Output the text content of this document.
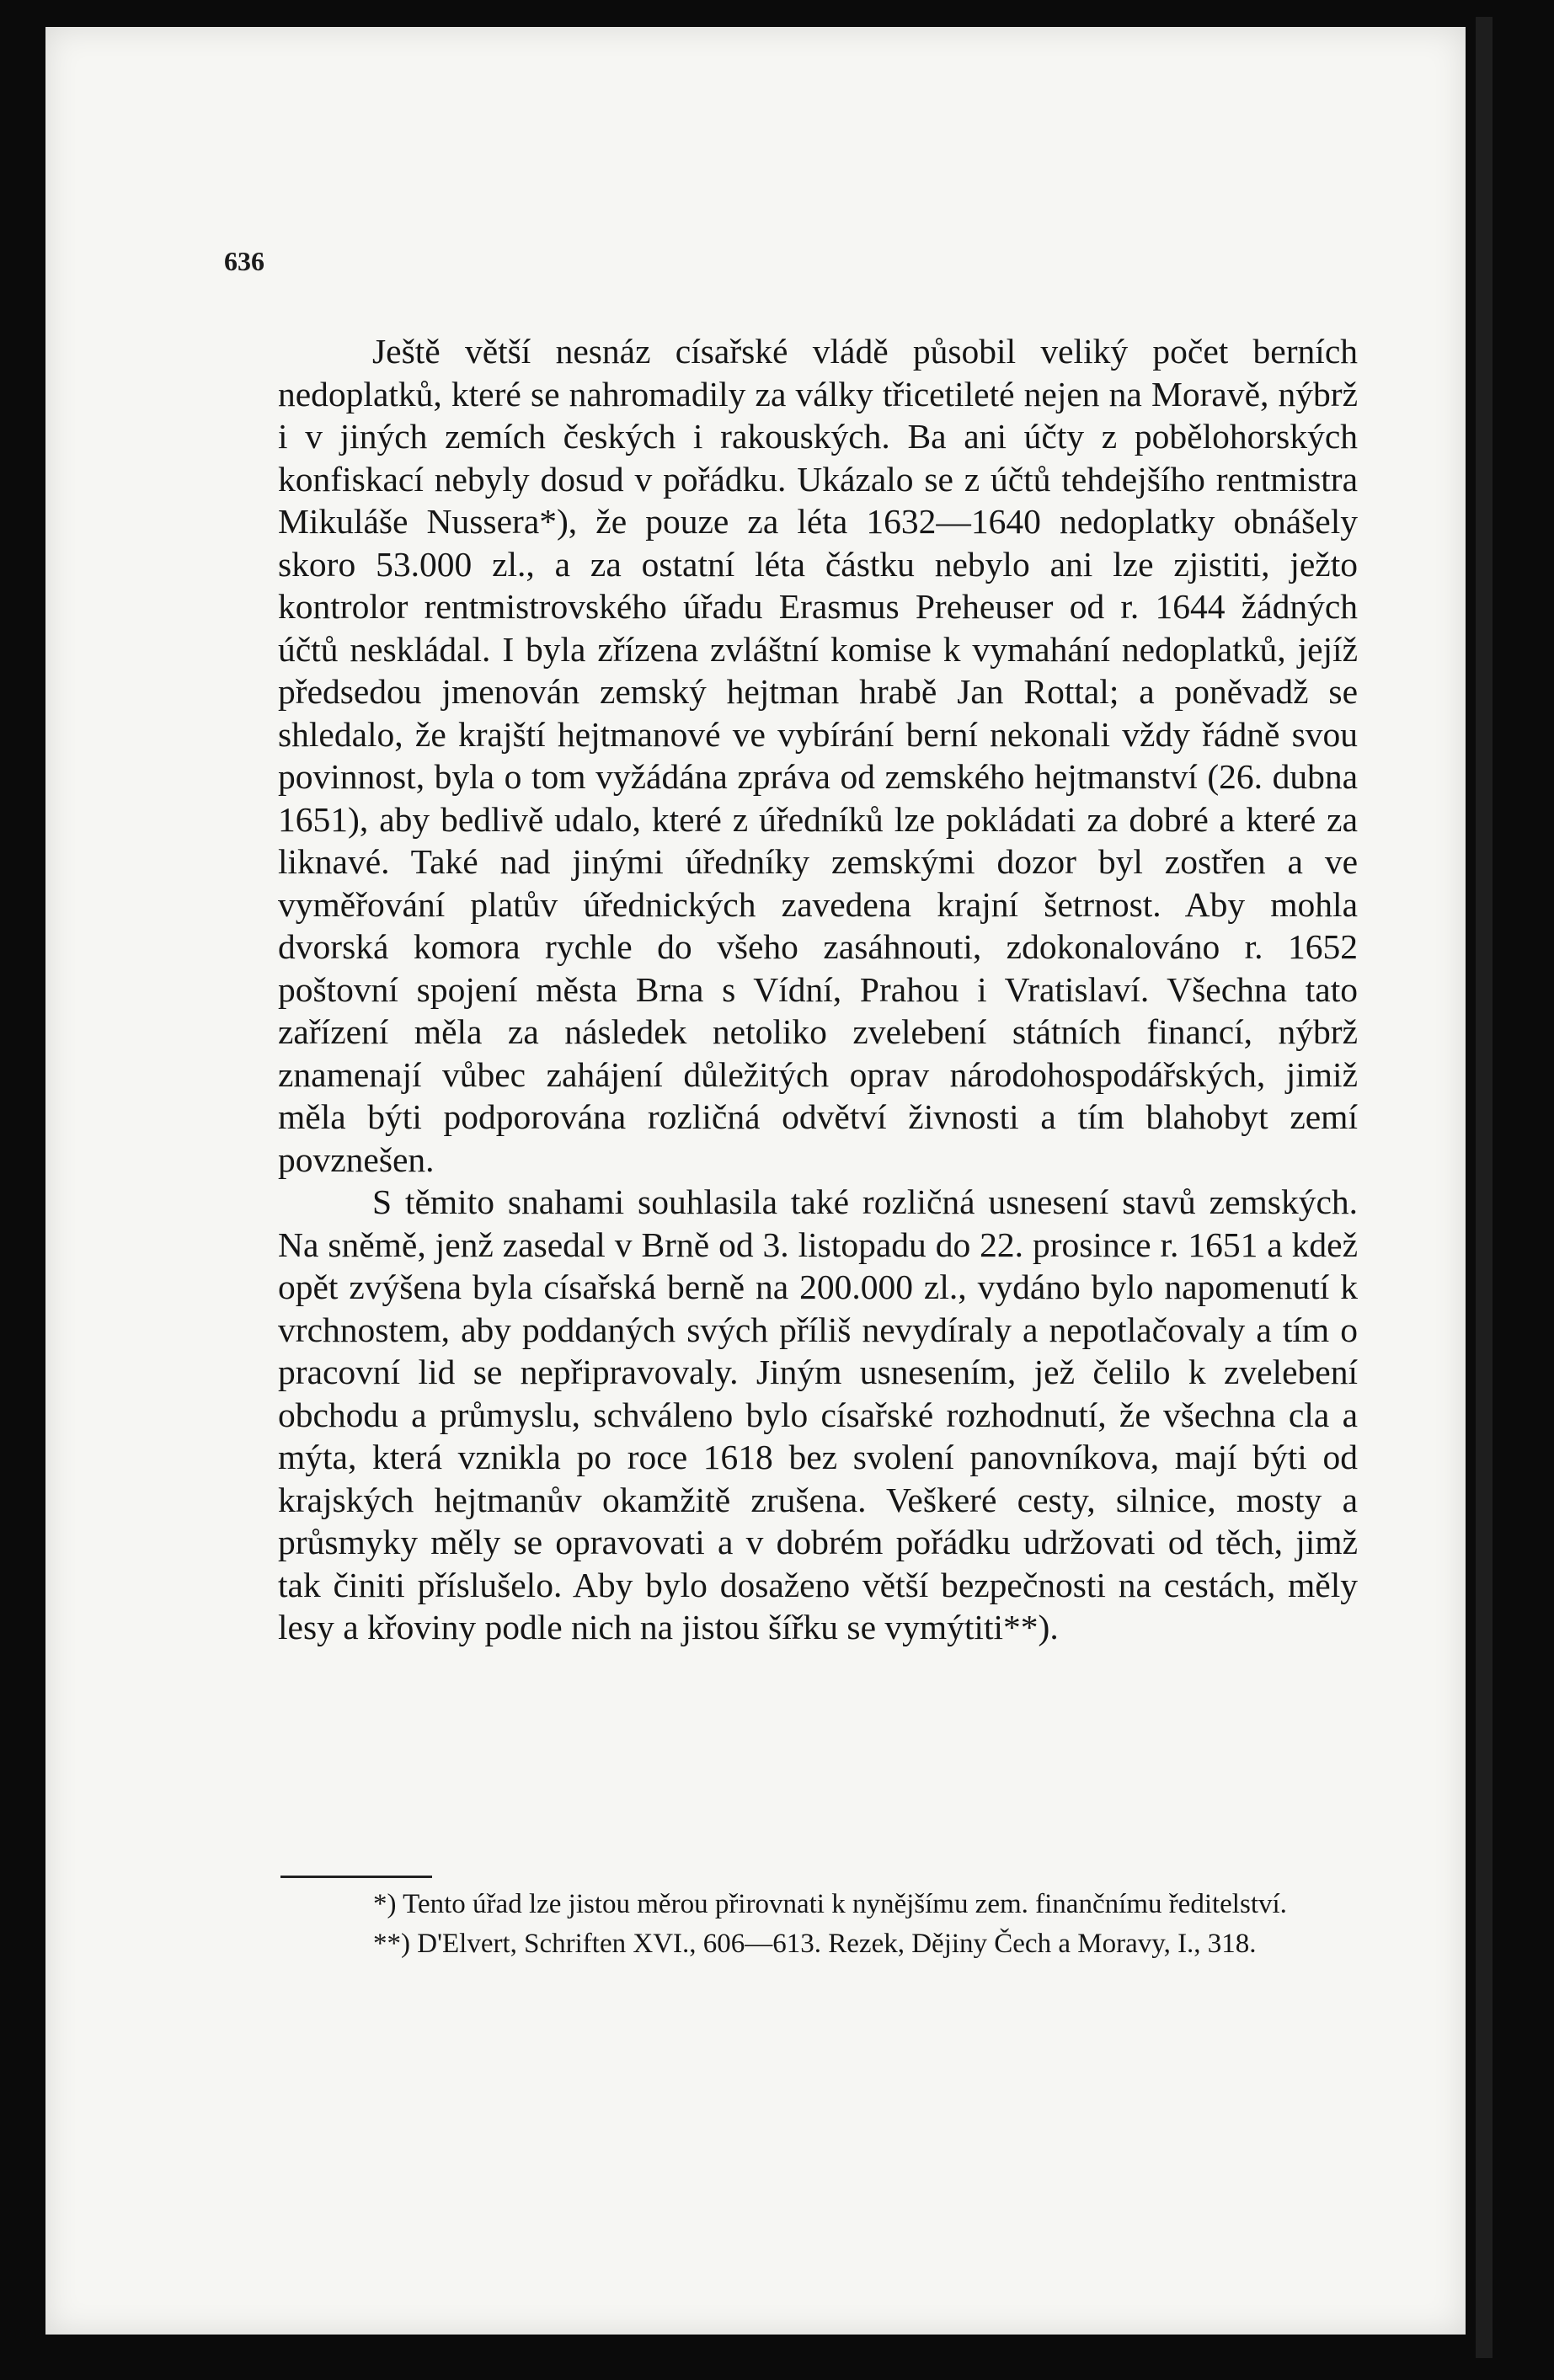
636

Ještě větší nesnáz císařské vládě působil veliký počet berních nedoplatků, které se nahromadily za války třicetileté nejen na Moravě, nýbrž i v jiných zemích českých i rakouských. Ba ani účty z pobělohorských konfiskací nebyly dosud v pořádku. Ukázalo se z účtů tehdejšího rentmistra Mikuláše Nussera*), že pouze za léta 1632—1640 nedoplatky obnášely skoro 53.000 zl., a za ostatní léta částku nebylo ani lze zjistiti, ježto kontrolor rentmistrovského úřadu Erasmus Preheuser od r. 1644 žádných účtů neskládal. I byla zřízena zvláštní komise k vymahání nedoplatků, jejíž předsedou jmenován zemský hejtman hrabě Jan Rottal; a poněvadž se shledalo, že krajští hejtmanové ve vybírání berní nekonali vždy řádně svou povinnost, byla o tom vyžádána zpráva od zemského hejtmanství (26. dubna 1651), aby bedlivě udalo, které z úředníků lze pokládati za dobré a které za liknavé. Také nad jinými úředníky zemskými dozor byl zostřen a ve vyměřování platův úřednických zavedena krajní šetrnost. Aby mohla dvorská komora rychle do všeho zasáhnouti, zdokonalováno r. 1652 poštovní spojení města Brna s Vídní, Prahou i Vratislaví. Všechna tato zařízení měla za následek netoliko zvelebení státních financí, nýbrž znamenají vůbec zahájení důležitých oprav národohospodářských, jimiž měla býti podporována rozličná odvětví živnosti a tím blahobyt zemí povznešen.

S těmito snahami souhlasila také rozličná usnesení stavů zemských. Na sněmě, jenž zasedal v Brně od 3. listopadu do 22. prosince r. 1651 a kdež opět zvýšena byla císařská berně na 200.000 zl., vydáno bylo napomenutí k vrchnostem, aby poddaných svých příliš nevydíraly a nepotlačovaly a tím o pracovní lid se nepřipravovaly. Jiným usnesením, jež čelilo k zvelebení obchodu a průmyslu, schváleno bylo císařské rozhodnutí, že všechna cla a mýta, která vznikla po roce 1618 bez svolení panovníkova, mají býti od krajských hejtmanův okamžitě zrušena. Veškeré cesty, silnice, mosty a průsmyky měly se opravovati a v dobrém pořádku udržovati od těch, jimž tak činiti příslušelo. Aby bylo dosaženo větší bezpečnosti na cestách, měly lesy a křoviny podle nich na jistou šířku se vymýtiti**).

*) Tento úřad lze jistou měrou přirovnati k nynějšímu zem. finančnímu ředitelství.

**) D'Elvert, Schriften XVI., 606—613. Rezek, Dějiny Čech a Moravy, I., 318.
